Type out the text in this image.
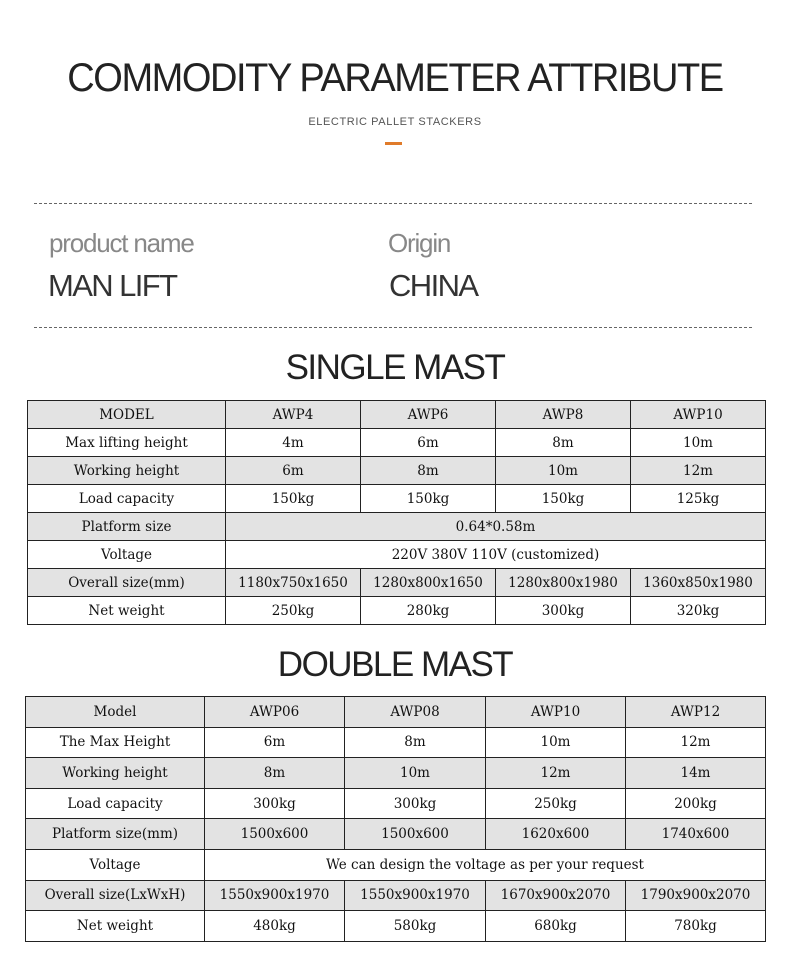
COMMODITY PARAMETER ATTRIBUTE
ELECTRIC PALLET STACKERS
product name
MAN LIFT
Origin
CHINA
SINGLE MAST
MODEL	AWP4	AWP6	AWP8	AWP10
Max lifting height	4m	6m	8m	10m
Working height	6m	8m	10m	12m
Load capacity	150kg	150kg	150kg	125kg
Platform size	0.64*0.58m			
Voltage	220V 380V 110V (customized)			
Overall size(mm)	1180x750x1650	1280x800x1650	1280x800x1980	1360x850x1980
Net weight	250kg	280kg	300kg	320kg
DOUBLE MAST
Model	AWP06	AWP08	AWP10	AWP12
The Max Height	6m	8m	10m	12m
Working height	8m	10m	12m	14m
Load capacity	300kg	300kg	250kg	200kg
Platform size(mm)	1500x600	1500x600	1620x600	1740x600
Voltage	We can design the voltage as per your request			
Overall size(LxWxH)	1550x900x1970	1550x900x1970	1670x900x2070	1790x900x2070
Net weight	480kg	580kg	680kg	780kg
